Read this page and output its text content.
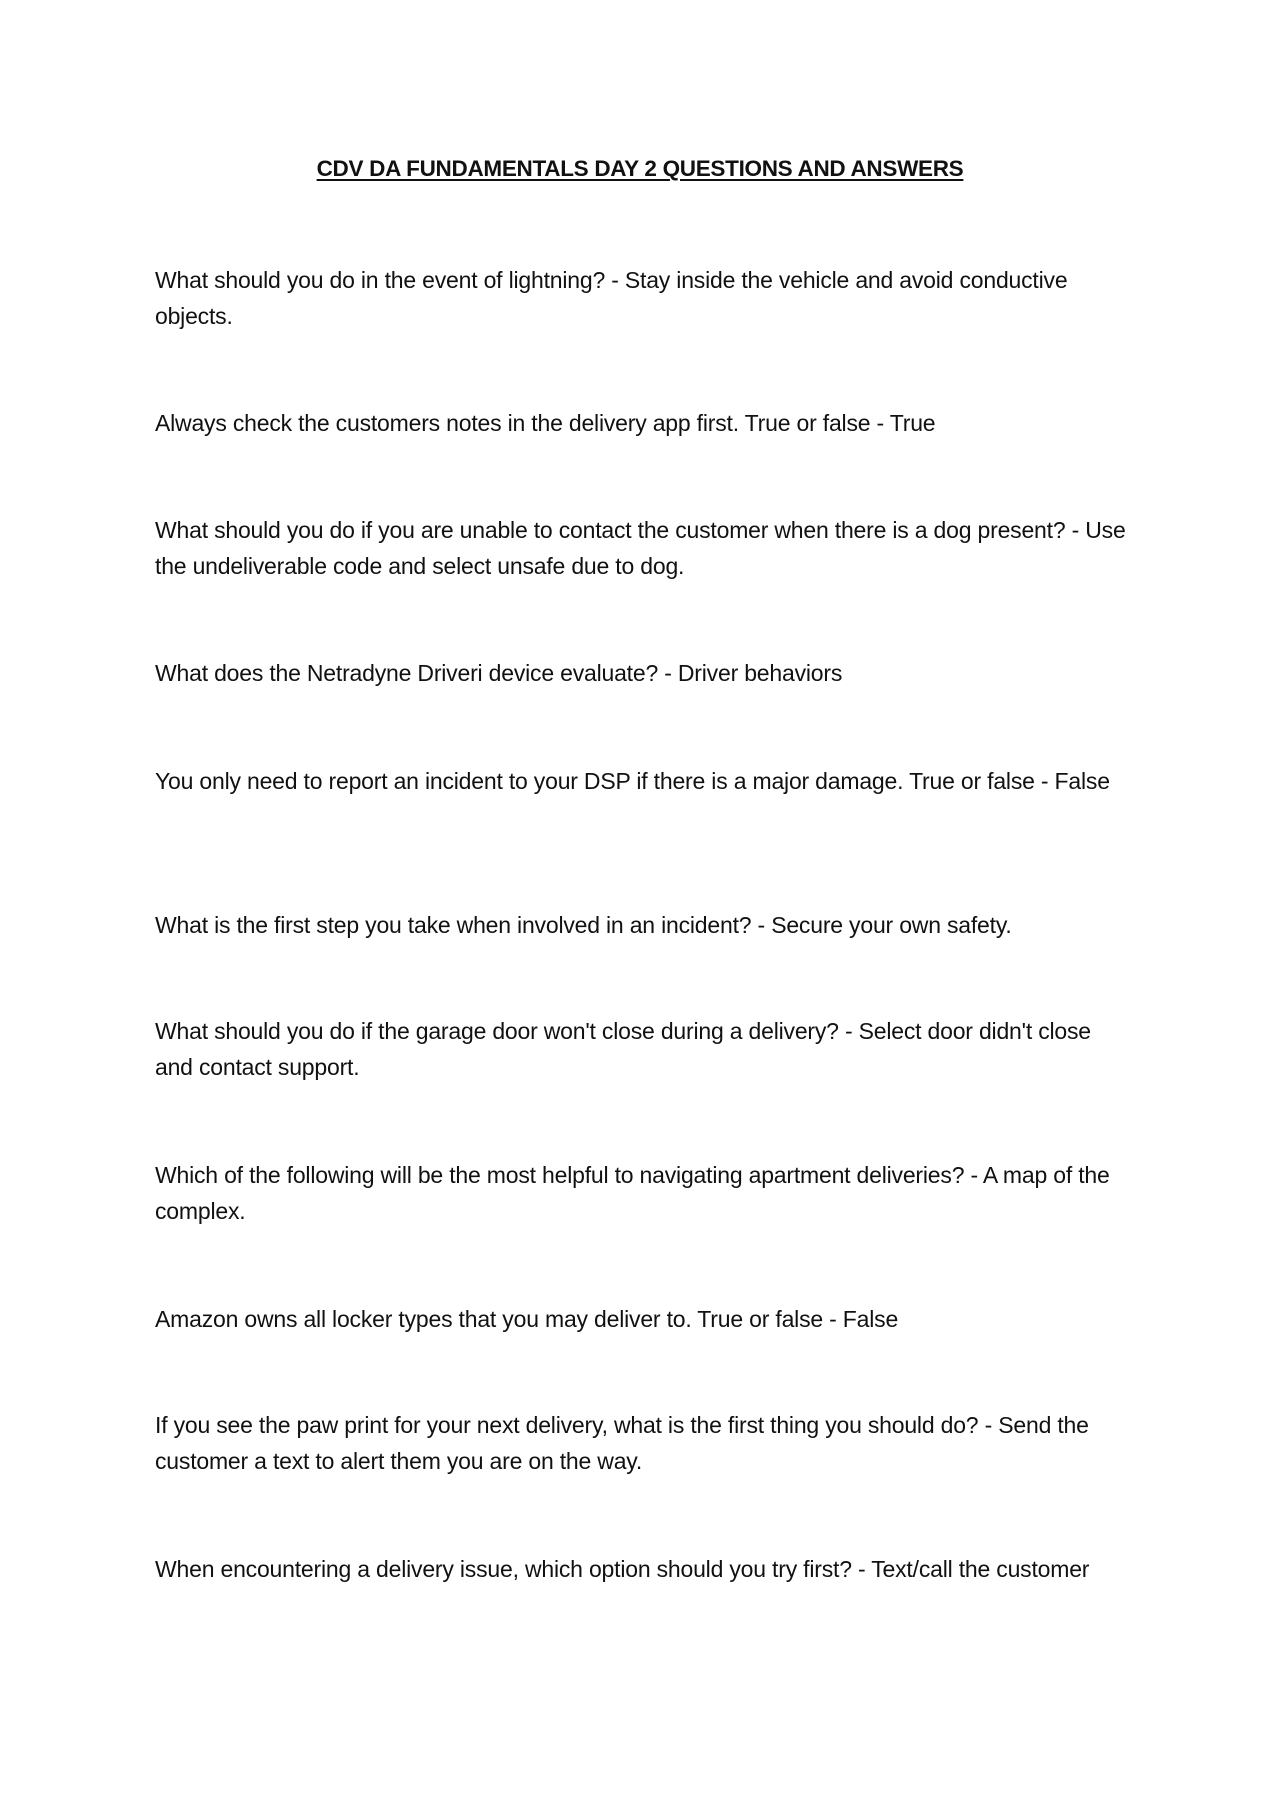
CDV DA FUNDAMENTALS DAY 2 QUESTIONS AND ANSWERS

What should you do in the event of lightning? - Stay inside the vehicle and avoid conductive objects.

Always check the customers notes in the delivery app first. True or false - True

What should you do if you are unable to contact the customer when there is a dog present? - Use the undeliverable code and select unsafe due to dog.

What does the Netradyne Driveri device evaluate? - Driver behaviors

You only need to report an incident to your DSP if there is a major damage. True or false - False

What is the first step you take when involved in an incident? - Secure your own safety.

What should you do if the garage door won't close during a delivery? - Select door didn't close and contact support.

Which of the following will be the most helpful to navigating apartment deliveries? - A map of the complex.

Amazon owns all locker types that you may deliver to. True or false - False

If you see the paw print for your next delivery, what is the first thing you should do? - Send the customer a text to alert them you are on the way.

When encountering a delivery issue, which option should you try first? - Text/call the customer
